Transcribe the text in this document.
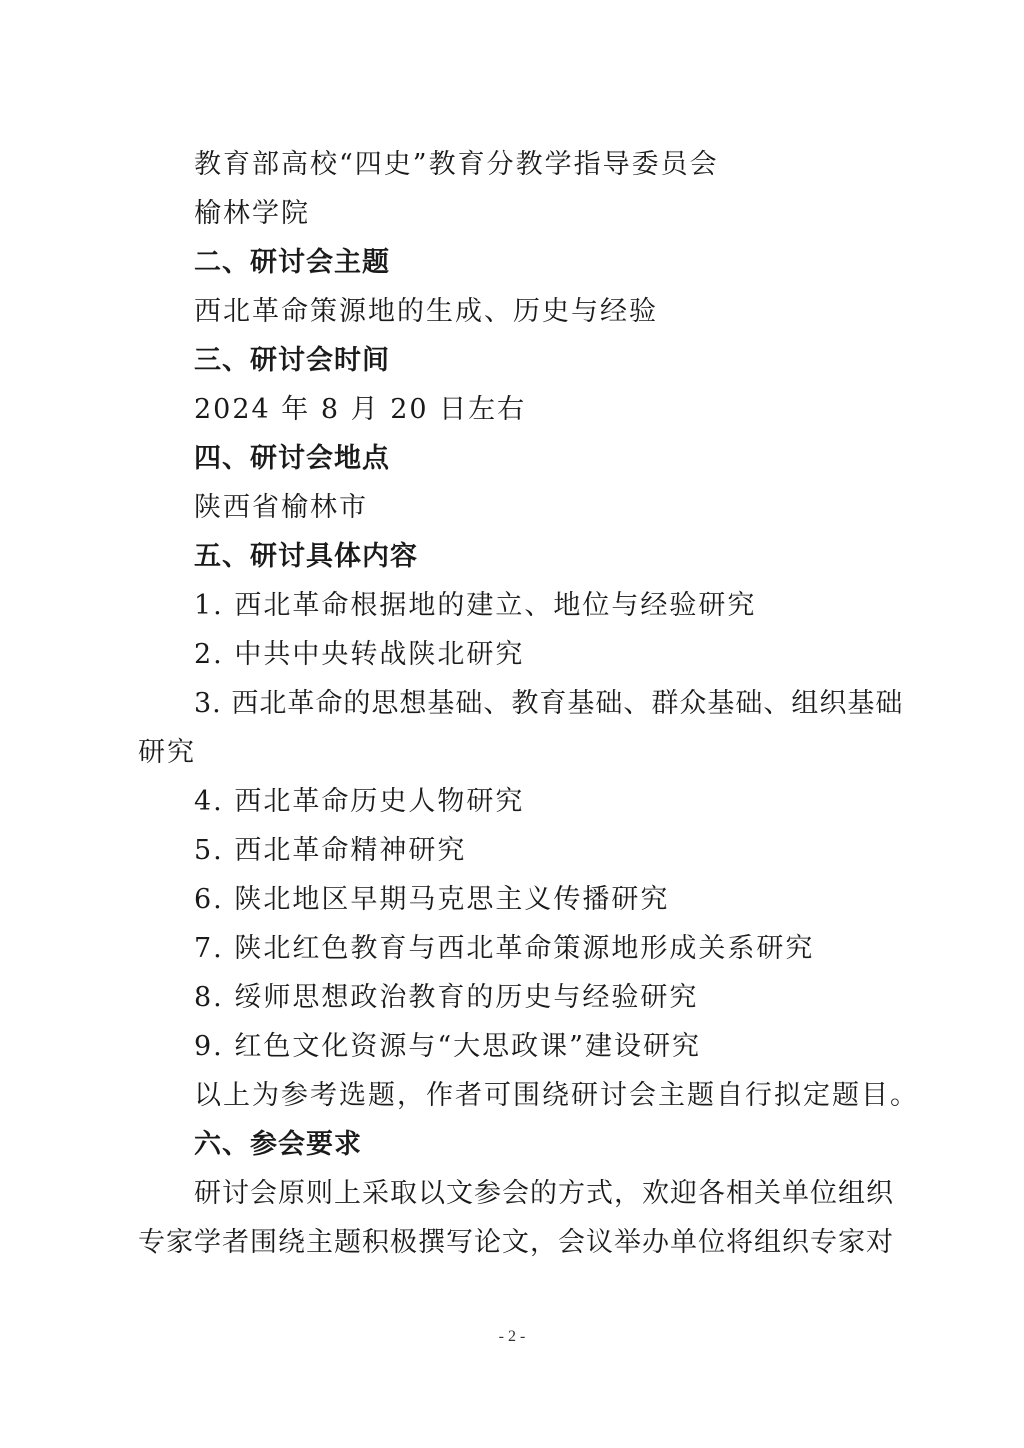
教育部高校“四史”教育分教学指导委员会
榆林学院
二、研讨会主题
西北革命策源地的生成、历史与经验
三、研讨会时间
2024 年 8 月 20 日左右
四、研讨会地点
陕西省榆林市
五、研讨具体内容
1. 西北革命根据地的建立、地位与经验研究
2. 中共中央转战陕北研究
3. 西北革命的思想基础、教育基础、群众基础、组织基础
研究
4. 西北革命历史人物研究
5. 西北革命精神研究
6. 陕北地区早期马克思主义传播研究
7. 陕北红色教育与西北革命策源地形成关系研究
8. 绥师思想政治教育的历史与经验研究
9. 红色文化资源与“大思政课”建设研究
以上为参考选题，作者可围绕研讨会主题自行拟定题目。
六、参会要求
研讨会原则上采取以文参会的方式，欢迎各相关单位组织
专家学者围绕主题积极撰写论文，会议举办单位将组织专家对
- 2 -
